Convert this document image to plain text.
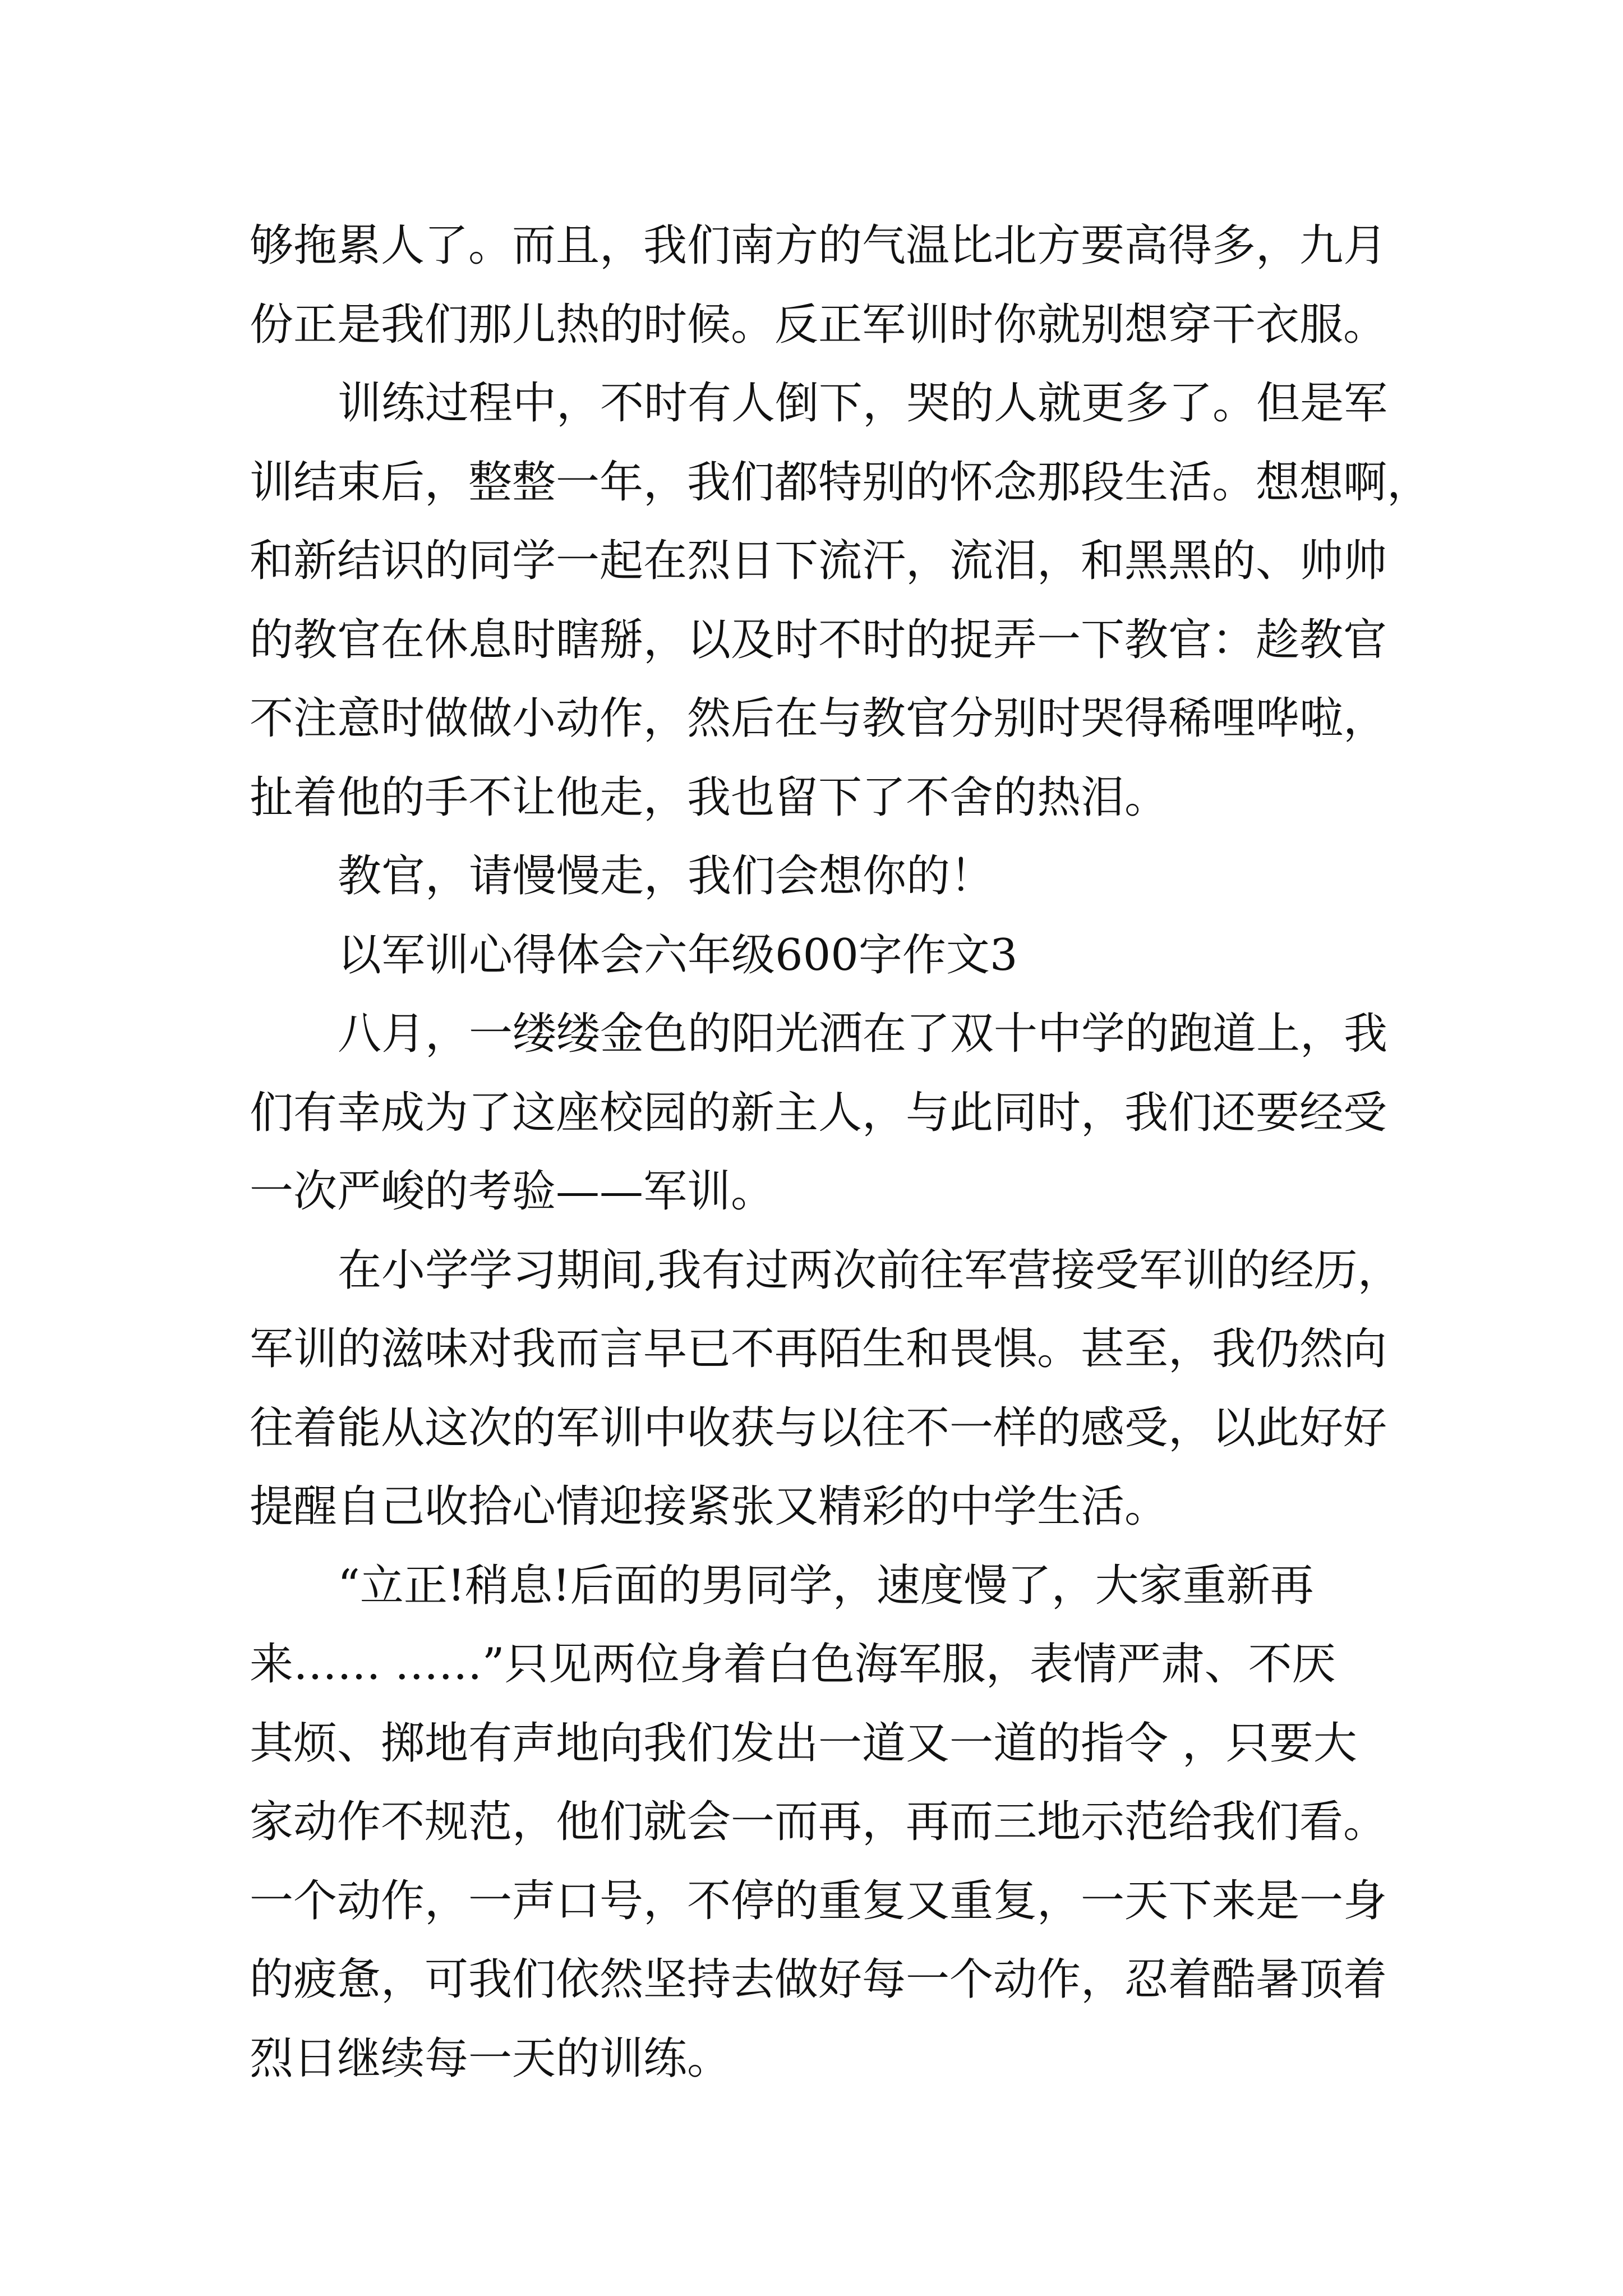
够拖累人了。而且，我们南方的气温比北方要高得多，九月
份正是我们那儿热的时候。反正军训时你就别想穿干衣服。
训练过程中，不时有人倒下，哭的人就更多了。但是军
训结束后，整整一年，我们都特别的怀念那段生活。想想啊，
和新结识的同学一起在烈日下流汗，流泪，和黑黑的、帅帅
的教官在休息时瞎掰，以及时不时的捉弄一下教官：趁教官
不注意时做做小动作，然后在与教官分别时哭得稀哩哗啦，
扯着他的手不让他走，我也留下了不舍的热泪。
教官，请慢慢走，我们会想你的！
以军训心得体会六年级600字作文3
八月，一缕缕金色的阳光洒在了双十中学的跑道上，我
们有幸成为了这座校园的新主人，与此同时，我们还要经受
一次严峻的考验——军训。
在小学学习期间,我有过两次前往军营接受军训的经历，
军训的滋味对我而言早已不再陌生和畏惧。甚至，我仍然向
往着能从这次的军训中收获与以往不一样的感受，以此好好
提醒自己收拾心情迎接紧张又精彩的中学生活。
“立正!稍息!后面的男同学，速度慢了，大家重新再
来…… ……”只见两位身着白色海军服，表情严肃、不厌
其烦、掷地有声地向我们发出一道又一道的指令 ，只要大
家动作不规范，他们就会一而再，再而三地示范给我们看。
一个动作，一声口号，不停的重复又重复，一天下来是一身
的疲惫，可我们依然坚持去做好每一个动作，忍着酷暑顶着
烈日继续每一天的训练。
